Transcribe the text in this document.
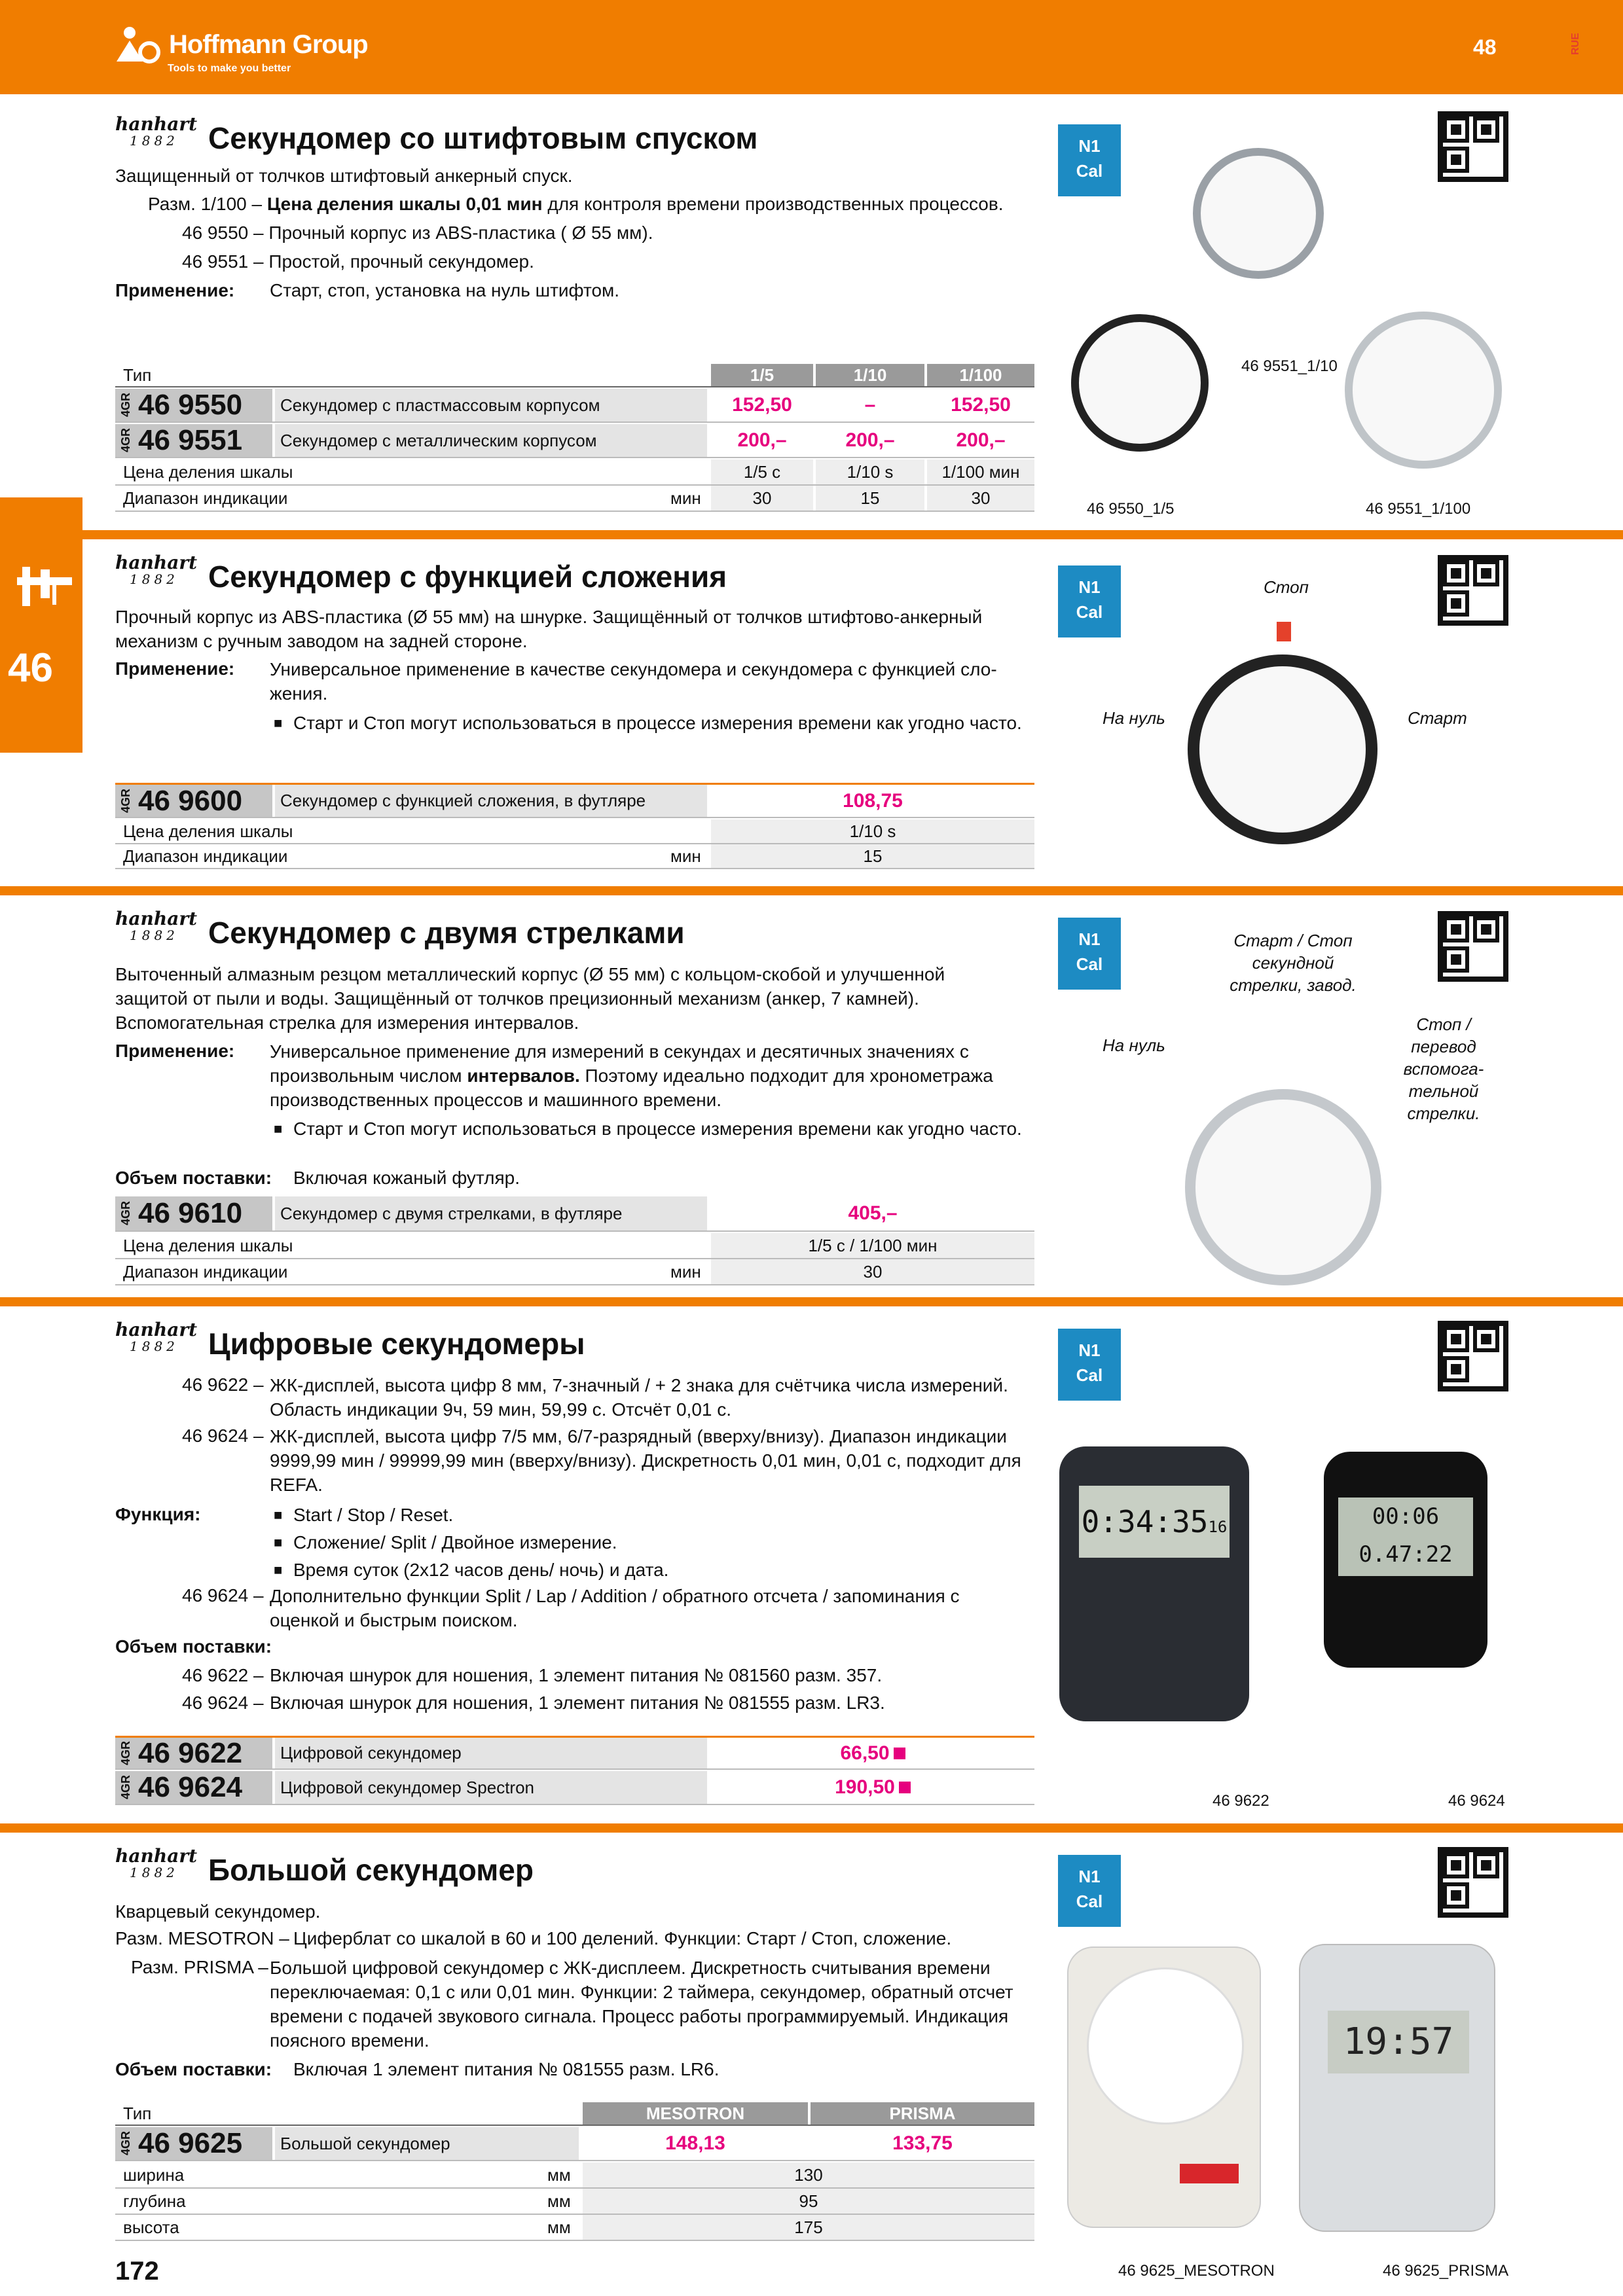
Hoffmann Group
Tools to make you better
48	RUE
46
hanhart
1882 Секундомер со штифтовым спуском
Защищенный от толчков штифтовый анкерный спуск.
Разм. 1/100 – Цена деления шкалы 0,01 мин для контроля времени производственных процессов.
46 9550 – Прочный корпус из ABS-пластика ( Ø 55 мм).
46 9551 – Простой, прочный секундомер.
Применение: Старт, стоп, установка на нуль штифтом.
Тип	1/5	1/10	1/100
4GR 46 9550	Секундомер с пластмассовым корпусом	152,50	–	152,50
4GR 46 9551	Секундомер с металлическим корпусом	200,–	200,–	200,–
Цена деления шкалы	1/5 с	1/10 s	1/100 мин
Диапазон индикации	мин	30	15	30
N1
Cal
46 9551_1/10
46 9550_1/5	46 9551_1/100
hanhart
1882 Секундомер с функцией сложения
Прочный корпус из ABS-пластика (Ø 55 мм) на шнурке. Защищённый от толчков штифтово-анкерный механизм с ручным заводом на задней стороне.
Применение: Универсальное применение в качестве секундомера и секундомера с функцией сло-жения.
■ Старт и Стоп могут использоваться в процессе измерения времени как угодно часто.
4GR 46 9600	Секундомер с функцией сложения, в футляре	108,75
Цена деления шкалы	1/10 s
Диапазон индикации	мин	15
N1
Cal
Стоп
На нуль	Старт
hanhart
1882 Секундомер с двумя стрелками
Выточенный алмазным резцом металлический корпус (Ø 55 мм) с кольцом-скобой и улучшенной защитой от пыли и воды. Защищённый от толчков прецизионный механизм (анкер, 7 камней). Вспомогательная стрелка для измерения интервалов.
Применение: Универсальное применение для измерений в секундах и десятичных значениях с произвольным числом интервалов. Поэтому идеально подходит для хронометража производственных процессов и машинного времени.
■ Старт и Стоп могут использоваться в процессе измерения времени как угодно часто.
Объем поставки: Включая кожаный футляр.
4GR 46 9610	Секундомер с двумя стрелками, в футляре	405,–
Цена деления шкалы	1/5 с / 1/100 мин
Диапазон индикации	мин	30
N1
Cal
Старт / Стоп секундной стрелки, завод.
На нуль
Стоп / перевод вспомога-тельной стрелки.
hanhart
1882 Цифровые секундомеры
46 9622 – ЖК-дисплей, высота цифр 8 мм, 7-значный / + 2 знака для счётчика числа измерений. Область индикации 9ч, 59 мин, 59,99 с. Отсчёт 0,01 с.
46 9624 – ЖК-дисплей, высота цифр 7/5 мм, 6/7-разрядный (вверху/внизу). Диапазон индикации 9999,99 мин / 99999,99 мин (вверху/внизу). Дискретность 0,01 мин, 0,01 с, подходит для REFA.
Функция:
■	Start / Stop / Reset.
■ Сложение/ Split / Двойное измерение.
■ Время суток (2x12 часов день/ ночь) и дата.
46 9624 – Дополнительно функции Split / Lap / Addition / обратного отсчета / запоминания с оценкой и быстрым поиском.
Объем поставки:
46 9622 – Включая шнурок для ношения, 1 элемент питания № 081560 разм. 357.
46 9624 – Включая шнурок для ношения, 1 элемент питания № 081555 разм. LR3.
4GR 46 9622	Цифровой секундомер	66,50
4GR 46 9624	Цифровой секундомер Spectron	190,50
N1
Cal
0:34:3516	00:06
0.47:22
46 9622	46 9624
hanhart
1882 Большой секундомер
Кварцевый секундомер.
Разм. MESOTRON – Циферблат со шкалой в 60 и 100 делений. Функции: Старт / Стоп, сложение.
Разм. PRISMA – Большой цифровой секундомер с ЖК-дисплеем. Дискретность считывания времени переключаемая: 0,1 с или 0,01 мин. Функции: 2 таймера, секундомер, обратный отсчет времени с подачей звукового сигнала. Процесс работы программируемый. Индикация поясного времени.
Объем поставки: Включая 1 элемент питания № 081555 разм. LR6.
Тип	MESOTRON	PRISMA
4GR 46 9625	Большой секундомер	148,13	133,75
ширина	мм	130
глубина	мм	95
высота	мм	175
N1
Cal
19:57
46 9625_MESOTRON	46 9625_PRISMA
172
